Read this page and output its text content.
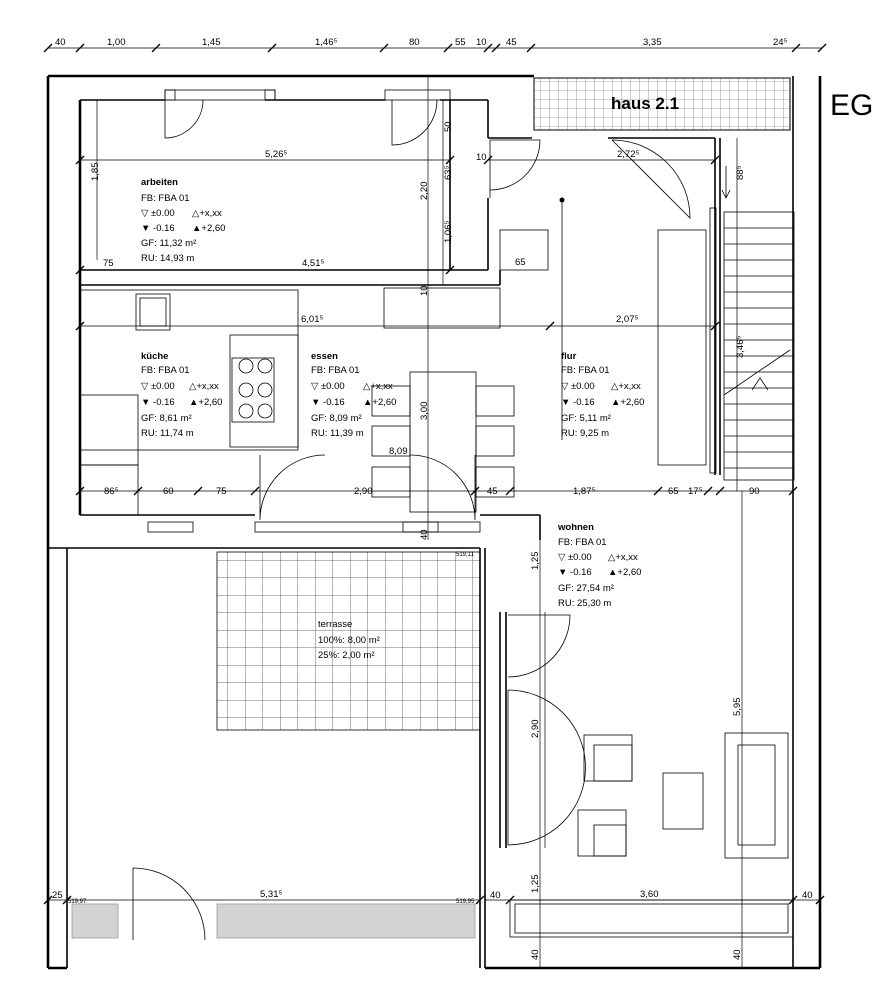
40	1,00	1,45	1,46⁵	80	55 10 45	3,35	24⁵
haus 2.1	EG
5,26⁵
1,85
4,51⁵
75
2,72⁵
10
2,20
50
63⁵
1,06⁵
10
88⁵
65
6,01⁵	2,07⁵
3,46⁵
3,00
8,09
86⁵	60	75	2,90	45	1,87⁵	65 17⁵	90
40
519,11	1,25
2,90
5,95
1,25
25	5,31⁵	40	3,60	40
519,97	519,95
40	40
arbeiten
FB: FBA 01
▽ ±0.00 △+x,xx
▼ -0.16 ▲+2,60
GF: 11,32 m²
RU: 14,93 m
küche
FB: FBA 01
▽ ±0.00 △+x,xx
▼ -0.16 ▲+2,60
GF: 8,61 m²
RU: 11,74 m
essen
FB: FBA 01
▽ ±0.00 △+x,xx
▼ -0.16 ▲+2,60
GF: 8,09 m²
RU: 11,39 m
flur
FB: FBA 01
▽ ±0.00 △+x,xx
▼ -0.16 ▲+2,60
GF: 5,11 m²
RU: 9,25 m
wohnen
FB: FBA 01
▽ ±0.00 △+x,xx
▼ -0.16 ▲+2,60
GF: 27,54 m²
RU: 25,30 m
terrasse
100%: 8,00 m²
25%: 2,00 m²
